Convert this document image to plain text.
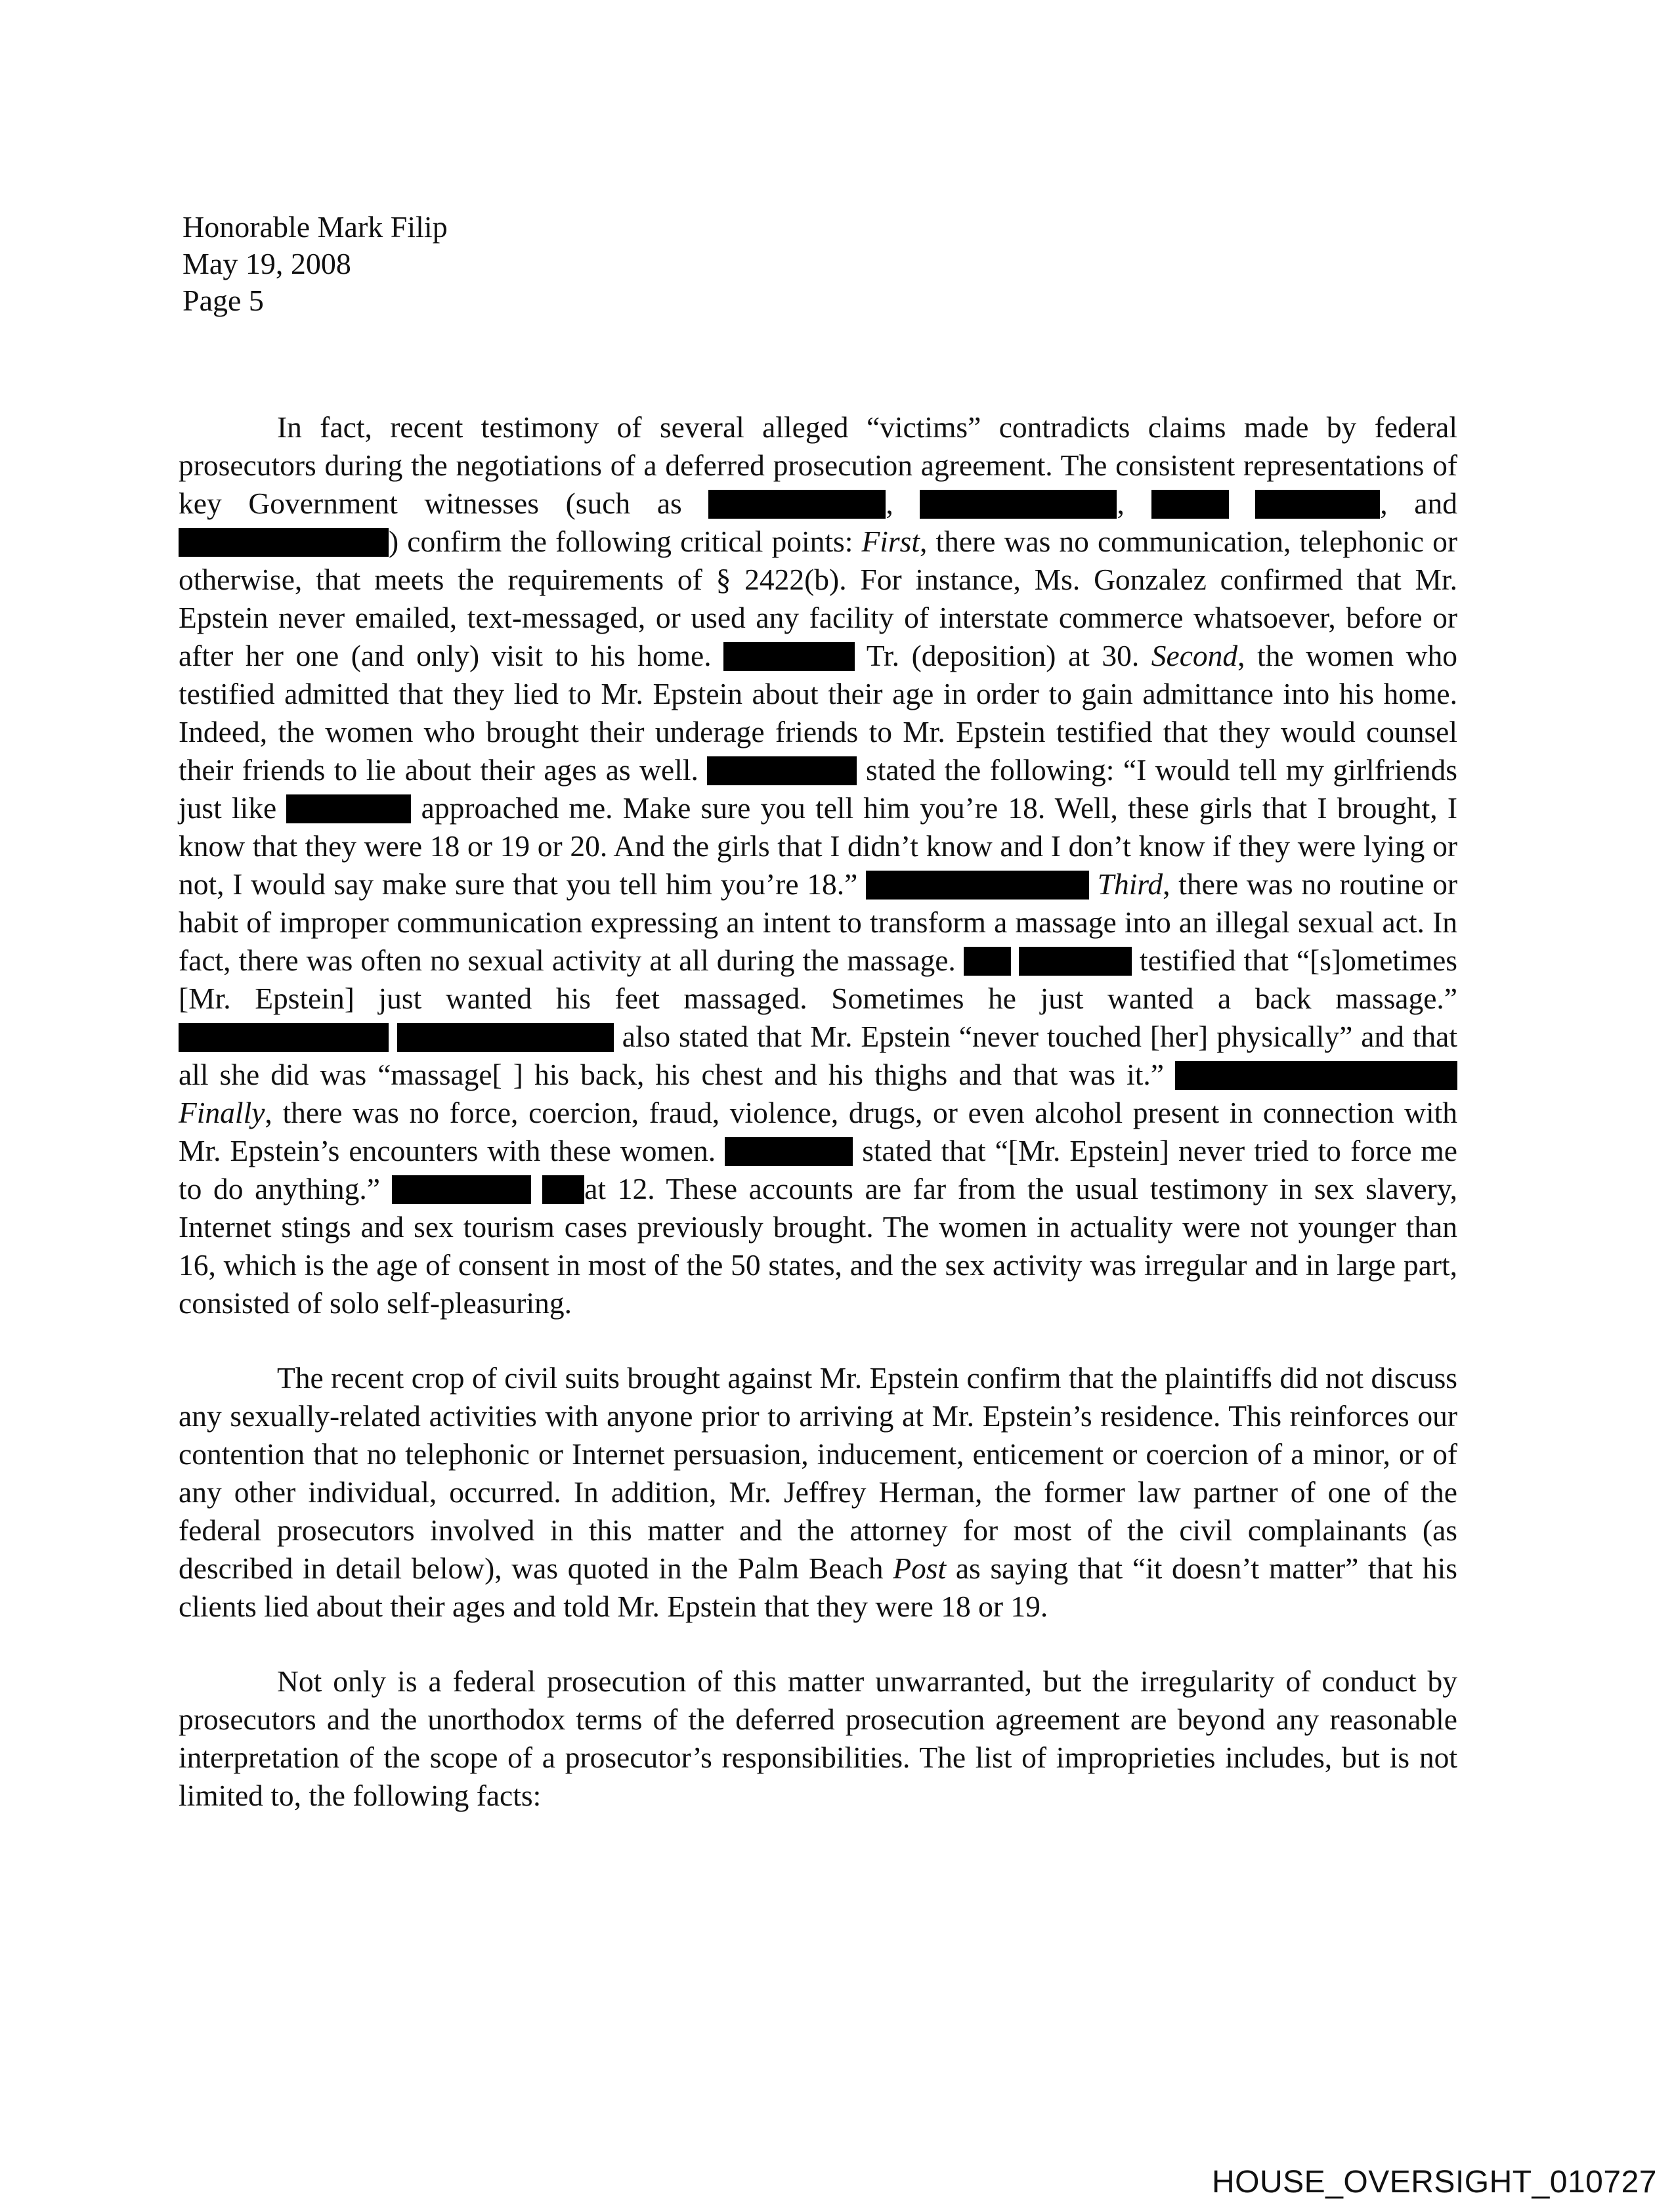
Honorable Mark Filip
May 19, 2008
Page 5

In fact, recent testimony of several alleged “victims” contradicts claims made by federal prosecutors during the negotiations of a deferred prosecution agreement. The consistent representations of key Government witnesses (such as	,	,	, and ) confirm the following critical points: First, there was no communication, telephonic or otherwise, that meets the requirements of § 2422(b). For instance, Ms. Gonzalez confirmed that Mr. Epstein never emailed, text-messaged, or used any facility of interstate commerce whatsoever, before or after her one (and only) visit to his home.	Tr. (deposition) at 30. Second, the women who testified admitted that they lied to Mr. Epstein about their age in order to gain admittance into his home. Indeed, the women who brought their underage friends to Mr. Epstein testified that they would counsel their friends to lie about their ages as well.	stated the following: “I would tell my girlfriends just like	approached me. Make sure you tell him you’re 18. Well, these girls that I brought, I know that they were 18 or 19 or 20. And the girls that I didn’t know and I don’t know if they were lying or not, I would say make sure that you tell him you’re 18.”	Third, there was no routine or habit of improper communication expressing an intent to transform a massage into an illegal sexual act. In fact, there was often no sexual activity at all during the massage.	testified that “[s]ometimes [Mr. Epstein] just wanted his feet massaged. Sometimes he just wanted a back massage.”   also stated that Mr. Epstein “never touched [her] physically” and that all she did was “massage[ ] his back, his chest and his thighs and that was it.”  Finally, there was no force, coercion, fraud, violence, drugs, or even alcohol present in connection with Mr. Epstein’s encounters with these women.	stated that “[Mr. Epstein] never tried to force me to do anything.”	at 12. These accounts are far from the usual testimony in sex slavery, Internet stings and sex tourism cases previously brought. The women in actuality were not younger than 16, which is the age of consent in most of the 50 states, and the sex activity was irregular and in large part, consisted of solo self-pleasuring.

The recent crop of civil suits brought against Mr. Epstein confirm that the plaintiffs did not discuss any sexually-related activities with anyone prior to arriving at Mr. Epstein’s residence. This reinforces our contention that no telephonic or Internet persuasion, inducement, enticement or coercion of a minor, or of any other individual, occurred. In addition, Mr. Jeffrey Herman, the former law partner of one of the federal prosecutors involved in this matter and the attorney for most of the civil complainants (as described in detail below), was quoted in the Palm Beach Post as saying that “it doesn’t matter” that his clients lied about their ages and told Mr. Epstein that they were 18 or 19.

Not only is a federal prosecution of this matter unwarranted, but the irregularity of conduct by prosecutors and the unorthodox terms of the deferred prosecution agreement are beyond any reasonable interpretation of the scope of a prosecutor’s responsibilities. The list of improprieties includes, but is not limited to, the following facts:

HOUSE_OVERSIGHT_010727
